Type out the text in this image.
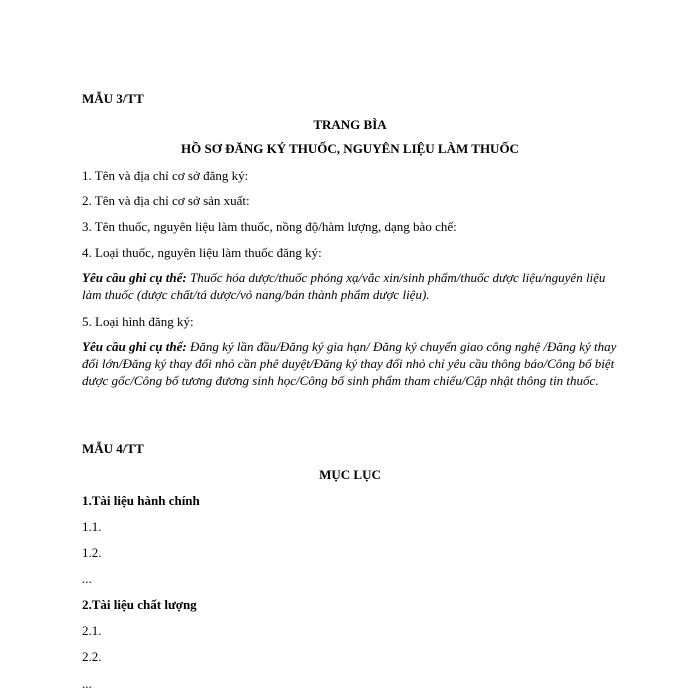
MẪU 3/TT
TRANG BÌA
HỒ SƠ ĐĂNG KÝ THUỐC, NGUYÊN LIỆU LÀM THUỐC
1. Tên và địa chỉ cơ sở đăng ký:
2. Tên và địa chỉ cơ sở sản xuất:
3. Tên thuốc, nguyên liệu làm thuốc, nồng độ/hàm lượng, dạng bào chế:
4. Loại thuốc, nguyên liệu làm thuốc đăng ký:
Yêu cầu ghi cụ thể: Thuốc hóa dược/thuốc phóng xạ/vắc xin/sinh phẩm/thuốc dược liệu/nguyên liệu làm thuốc (dược chất/tá dược/vỏ nang/bán thành phẩm dược liệu).
5. Loại hình đăng ký:
Yêu cầu ghi cụ thể: Đăng ký lần đầu/Đăng ký gia hạn/ Đăng ký chuyển giao công nghệ /Đăng ký thay đổi lớn/Đăng ký thay đổi nhỏ cần phê duyệt/Đăng ký thay đổi nhỏ chỉ yêu cầu thông báo/Công bố biệt dược gốc/Công bố tương đương sinh học/Công bố sinh phẩm tham chiếu/Cập nhật thông tin thuốc.
MẪU 4/TT
MỤC LỤC
1.Tài liệu hành chính
1.1.
1.2.
...
2.Tài liệu chất lượng
2.1.
2.2.
...
